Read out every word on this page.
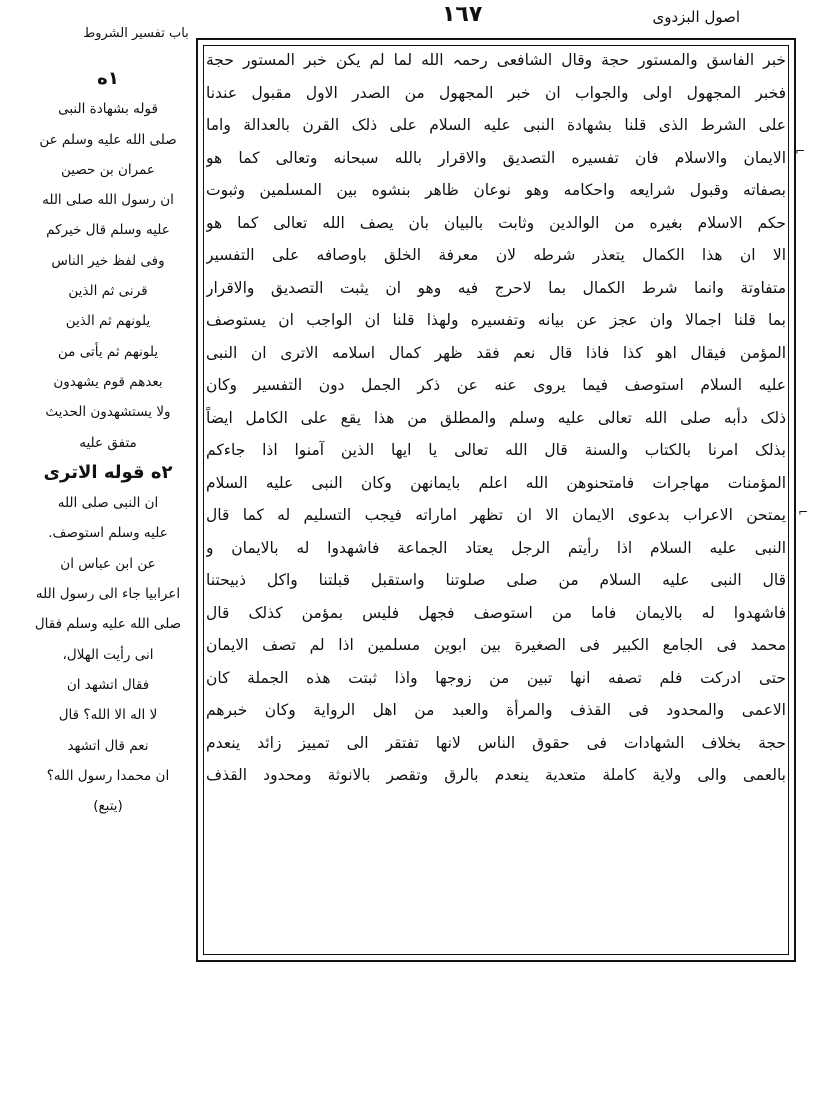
اصول البزدوی
١٦٧
باب تفسیر الشروط
خبر الفاسق والمستور حجة وقال الشافعی رحمہ الله لما لم یکن خبر المستور حجة
فخبر المجهول اولی والجواب ان خبر المجهول من الصدر الاول مقبول عندنا
علی الشرط الذی قلنا بشهادة النبی علیه السلام علی ذلک القرن بالعدالة واما
الایمان والاسلام فان تفسیره التصدیق والاقرار بالله سبحانه وتعالی کما هو
بصفاته وقبول شرایعه واحکامه وهو نوعان ظاهر بنشوه بین المسلمین وثبوت
حکم الاسلام بغیره من الوالدین وثابت بالبیان بان یصف الله تعالی کما هو
الا ان هذا الکمال یتعذر شرطه لان معرفة الخلق باوصافه علی التفسیر
متفاوتة وانما شرط الکمال بما لاحرج فیه وهو ان یثبت التصدیق والاقرار
بما قلنا اجمالا وان عجز عن بیانه وتفسیره ولهذا قلنا ان الواجب ان یستوصف
المؤمن فیقال اهو کذا فاذا قال نعم فقد ظهر کمال اسلامه الاتری ان النبی
علیه السلام استوصف فیما یروی عنه عن ذکر الجمل دون التفسیر وکان
ذلک دأبه صلی الله تعالی علیه وسلم والمطلق من هذا یقع علی الکامل ایضاً
بذلک امرنا بالکتاب والسنة قال الله تعالی یا ایها الذین آمنوا اذا جاءکم
المؤمنات مهاجرات فامتحنوهن الله اعلم بایمانهن وکان النبی علیه السلام
یمتحن الاعراب بدعوی الایمان الا ان تظهر اماراته فیجب التسلیم له کما قال
النبی علیه السلام اذا رأیتم الرجل یعتاد الجماعة فاشهدوا له بالایمان و
قال النبی علیه السلام من صلی صلوتنا واستقبل قبلتنا واکل ذبیحتنا
فاشهدوا له بالایمان فاما من استوصف فجهل فلیس بمؤمن کذلک قال
محمد فی الجامع الکبیر فی الصغیرة بین ابوین مسلمین اذا لم تصف الایمان
حتی ادرکت فلم تصفه انها تبین من زوجها واذا ثبتت هذه الجملة کان
الاعمی والمحدود فی القذف والمرأة والعبد من اهل الروایة وکان خبرهم
حجة بخلاف الشهادات فی حقوق الناس لانها تفتقر الی تمییز زائد ینعدم
بالعمی والی ولایة کاملة متعدیة ینعدم بالرق وتقصر بالانوثة ومحدود القذف
۱ه
قوله بشهادة النبی
صلی الله علیه وسلم عن
عمران بن حصین
ان رسول الله صلی الله
علیه وسلم قال خیرکم
وفی لفظ خیر الناس
قرنی ثم الذین
یلونهم ثم الذین
یلونهم ثم یأتی من
بعدهم قوم یشهدون
ولا یستشهدون الحدیث
متفق علیه
۲ه قوله الاتری
ان النبی صلی الله
علیه وسلم استوصف.
عن ابن عباس ان
اعرابیا جاء الی رسول الله
صلی الله علیه وسلم فقال
انی رأیت الهلال،
فقال اتشهد ان
لا اله الا الله؟ قال
نعم قال اتشهد
ان محمدا رسول الله؟
(یتبع)
⌐
⌐
